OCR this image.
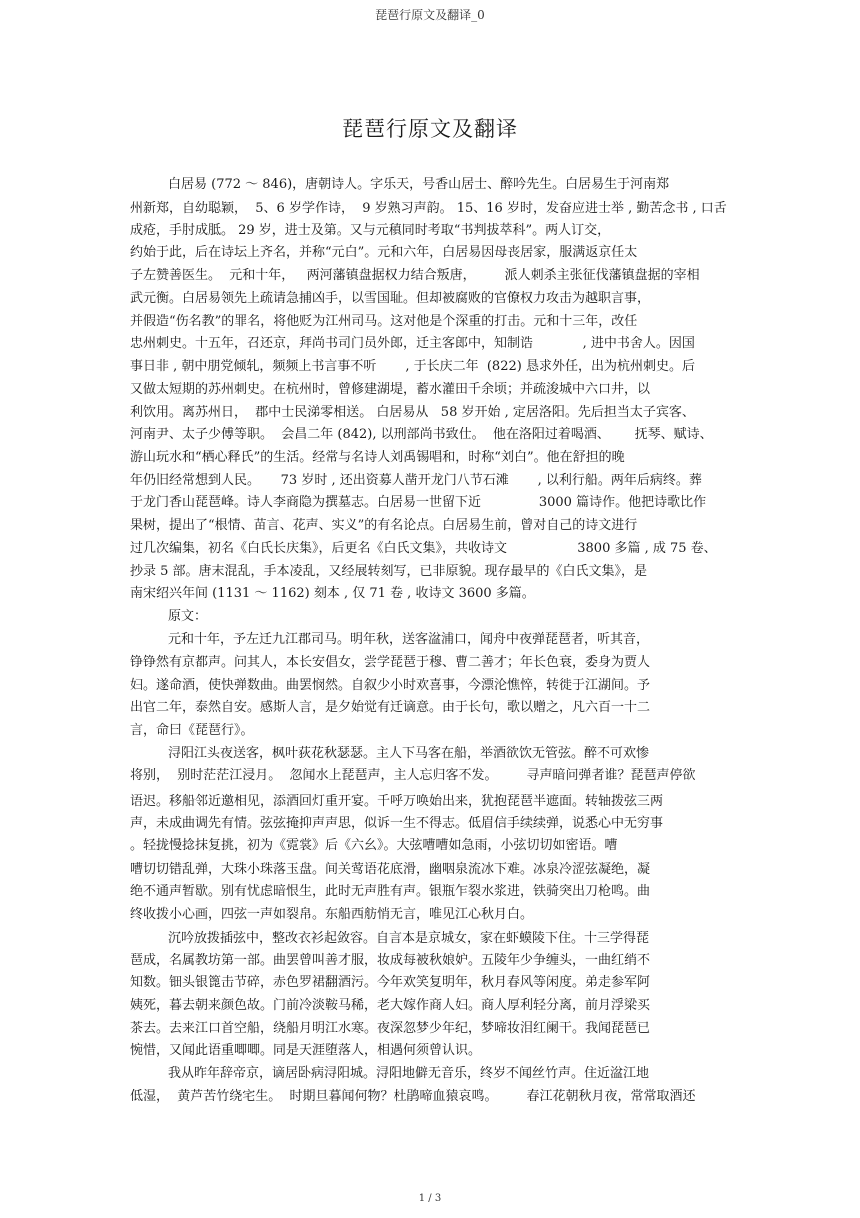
琵琶行原文及翻译_0
琵琶行原文及翻译
白居易 (772 ～ 846)，唐朝诗人。字乐天，号香山居士、醉吟先生。白居易生于河南郑
州新郑，自幼聪颖，  5、6 岁学作诗，  9 岁熟习声韵。 15、16 岁时，发奋应进士举 , 勤苦念书 , 口舌
成疮，手肘成胝。 29 岁，进士及第。又与元稹同时考取“书判拔萃科”。两人订交，
约始于此，后在诗坛上齐名，并称“元白”。元和六年，白居易因母丧居家，服满返京任太
子左赞善医生。  元和十年，   两河藩镇盘据权力结合叛唐，       派人刺杀主张征伐藩镇盘据的宰相
武元衡。白居易领先上疏请急捕凶手，以雪国耻。但却被腐败的官僚权力攻击为越职言事，
并假造“伤名教”的罪名，将他贬为江州司马。这对他是个深重的打击。元和十三年，改任
忠州刺史。十五年，召还京，拜尚书司门员外郎，迁主客郎中，知制诰            , 进中书舍人。因国
事日非 , 朝中朋党倾轧，频频上书言事不听       , 于长庆二年  (822) 恳求外任，出为杭州刺史。后
又做太短期的苏州刺史。在杭州时，曾修建湖堤，蓄水灌田千余顷；并疏浚城中六口井，以
利饮用。离苏州日，  郡中士民涕零相送。 白居易从   58 岁开始 , 定居洛阳。先后担当太子宾客、
河南尹、太子少傅等职。  会昌二年 (842), 以刑部尚书致仕。  他在洛阳过着喝酒、      抚琴、赋诗、
游山玩水和“栖心释氏”的生活。经常与名诗人刘禹锡唱和，时称“刘白”。他在舒担的晚
年仍旧经常想到人民。     73 岁时 , 还出资募人凿开龙门八节石滩       , 以利行船。两年后病终。葬
于龙门香山琵琶峰。诗人李商隐为撰墓志。白居易一世留下近              3000 篇诗作。他把诗歌比作
果树，提出了“根情、苗言、花声、实义”的有名论点。白居易生前，曾对自己的诗文进行
过几次编集，初名《白氏长庆集》，后更名《白氏文集》，共收诗文                 3800 多篇 , 成 75 卷、
抄录 5 部。唐末混乱，手本凌乱，又经展转刻写，已非原貌。现存最早的《白氏文集》，是
南宋绍兴年间 (1131 ～ 1162) 刻本 , 仅 71 卷 , 收诗文 3600 多篇。
原文：
元和十年，予左迁九江郡司马。明年秋，送客湓浦口，闻舟中夜弹琵琶者，听其音，
铮铮然有京都声。问其人，本长安倡女，尝学琵琶于穆、曹二善才；年长色衰，委身为贾人
妇。遂命酒，使快弹数曲。曲罢悯然。自叙少小时欢喜事，今漂沦憔悴，转徙于江湖间。予
出官二年，泰然自安。感斯人言，是夕始觉有迁谪意。由于长句，歌以赠之，凡六百一十二
言，命曰《琵琶行》。
浔阳江头夜送客，枫叶荻花秋瑟瑟。主人下马客在船，举酒欲饮无管弦。醉不可欢惨
将别，  别时茫茫江浸月。  忽闻水上琵琶声，主人忘归客不发。       寻声暗问弹者谁？琵琶声停欲
语迟。移船邻近邀相见，添酒回灯重开宴。千呼万唤始出来，犹抱琵琶半遮面。转轴拨弦三两
声，未成曲调先有情。弦弦掩抑声声思，似诉一生不得志。低眉信手续续弹，说悉心中无穷事
。轻拢慢捻抹复挑，初为《霓裳》后《六幺》。大弦嘈嘈如急雨，小弦切切如密语。嘈
嘈切切错乱弹，大珠小珠落玉盘。间关莺语花底滑，幽咽泉流冰下难。冰泉冷涩弦凝绝，凝
绝不通声暂歇。别有忧虑暗恨生，此时无声胜有声。银瓶乍裂水浆进，铁骑突出刀枪鸣。曲
终收拨小心画，四弦一声如裂帛。东船西舫悄无言，唯见江心秋月白。
沉吟放拨插弦中，整改衣衫起敛容。自言本是京城女，家在虾蟆陵下住。十三学得琵
琶成，名属教坊第一部。曲罢曾叫善才服，妆成每被秋娘妒。五陵年少争缠头，一曲红绡不
知数。钿头银篦击节碎，赤色罗裙翻酒污。今年欢笑复明年，秋月春风等闲度。弟走参军阿
姨死，暮去朝来颜色故。门前冷淡鞍马稀，老大嫁作商人妇。商人厚利轻分离，前月浮梁买
茶去。去来江口首空船，绕船月明江水寒。夜深忽梦少年纪，梦啼妆泪红阑干。我闻琵琶已
惋惜，又闻此语重唧唧。同是天涯堕落人，相遇何须曾认识。
我从昨年辞帝京，谪居卧病浔阳城。浔阳地僻无音乐，终岁不闻丝竹声。住近湓江地
低湿，  黄芦苦竹绕宅生。  时期旦暮闻何物？杜鹃啼血猿哀鸣。       春江花朝秋月夜，常常取酒还
1 / 3
